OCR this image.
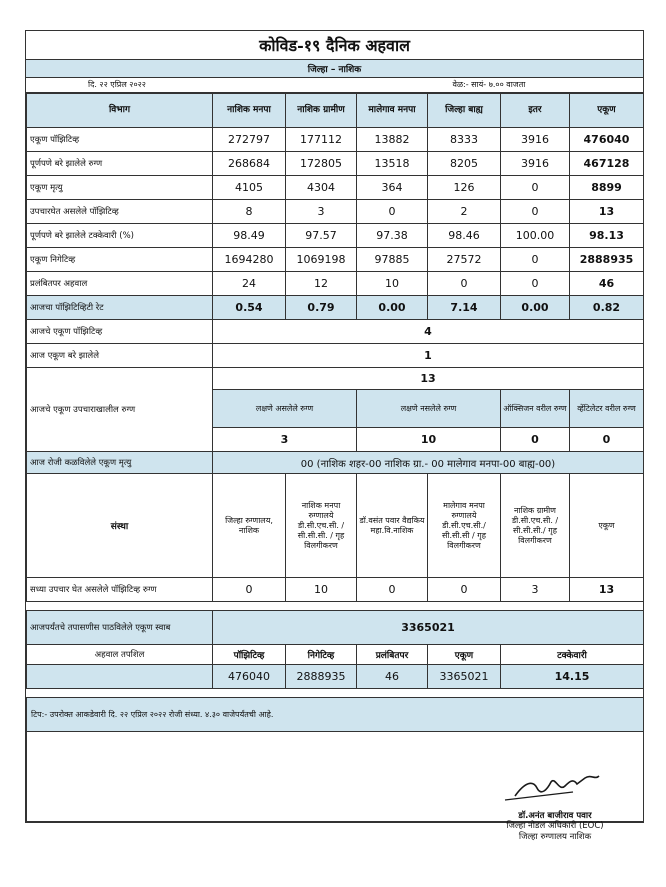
कोविड-१९ दैनिक अहवाल
जिल्हा – नाशिक
दि. २२ एप्रिल २०२२	वेळ:- सायं- ७.०० वाजता
विभाग	नाशिक मनपा	नाशिक ग्रामीण	मालेगाव मनपा	जिल्हा बाह्य	इतर	एकूण
एकूण पॉझिटिव्ह	272797	177112	13882	8333	3916	476040
पूर्णपणे बरे झालेले रुग्ण	268684	172805	13518	8205	3916	467128
एकूण मृत्यु	4105	4304	364	126	0	8899
उपचारघेत असलेले पॉझिटिव्ह	8	3	0	2	0	13
पूर्णपणे बरे झालेले टक्केवारी (%)	98.49	97.57	97.38	98.46	100.00	98.13
एकूण निगेटिव्ह	1694280	1069198	97885	27572	0	2888935
प्रलंबितपर अहवाल	24	12	10	0	0	46
आजचा पॉझिटिव्हिटी रेट	0.54	0.79	0.00	7.14	0.00	0.82
आजचे एकूण पॉझिटिव्ह	4					
आज एकूण बरे झालेले	1					
आजचे एकूण उपचाराखालील रुग्ण	13					
	लक्षणे असलेले रुग्ण		लक्षणे नसलेले रुग्ण		ऑक्सिजन वरील रुग्ण	व्हेंटिलेटर वरील रुग्ण
	3		10		0	0
आज रोजी कळविलेले एकूण मृत्यु	00 (नाशिक शहर-00 नाशिक ग्रा.- 00 मालेगाव मनपा-00 बाह्य-00)					
संस्था	जिल्हा रुग्णालय, नाशिक	नाशिक मनपा रुग्णालये डी.सी.एच.सी. / सी.सी.सी. / गृह विलगीकरण	डॉ.वसंत पवार वैद्यकिय महा.वि.नाशिक	मालेगाव मनपा रुग्णालये डी.सी.एच.सी./ सी.सी.सी / गृह विलगीकरण	नाशिक ग्रामीण डी.सी.एच.सी. /सी.सी.सी./ गृह विलगीकरण	एकूण
सध्या उपचार घेत असलेले पॉझिटिव्ह रुग्ण	0	10	0	0	3	13

आजपर्यंतचे तपासणीस पाठविलेले एकूण स्वाब	3365021					
अहवाल तपशिल	पॉझिटिव्ह	निगेटिव्ह	प्रलंबितपर	एकूण	टक्केवारी	
	476040	2888935	46	3365021	14.15	

टिप:- उपरोक्त आकडेवारी दि. २२ एप्रिल २०२२ रोजी संध्या. ४.३० वाजेपर्यंतची आहे.						

डॉ.अनंत बाजीराव पवार
जिल्हा नोडल अधिकारी (EOC)
जिल्हा रुग्णालय नाशिक
